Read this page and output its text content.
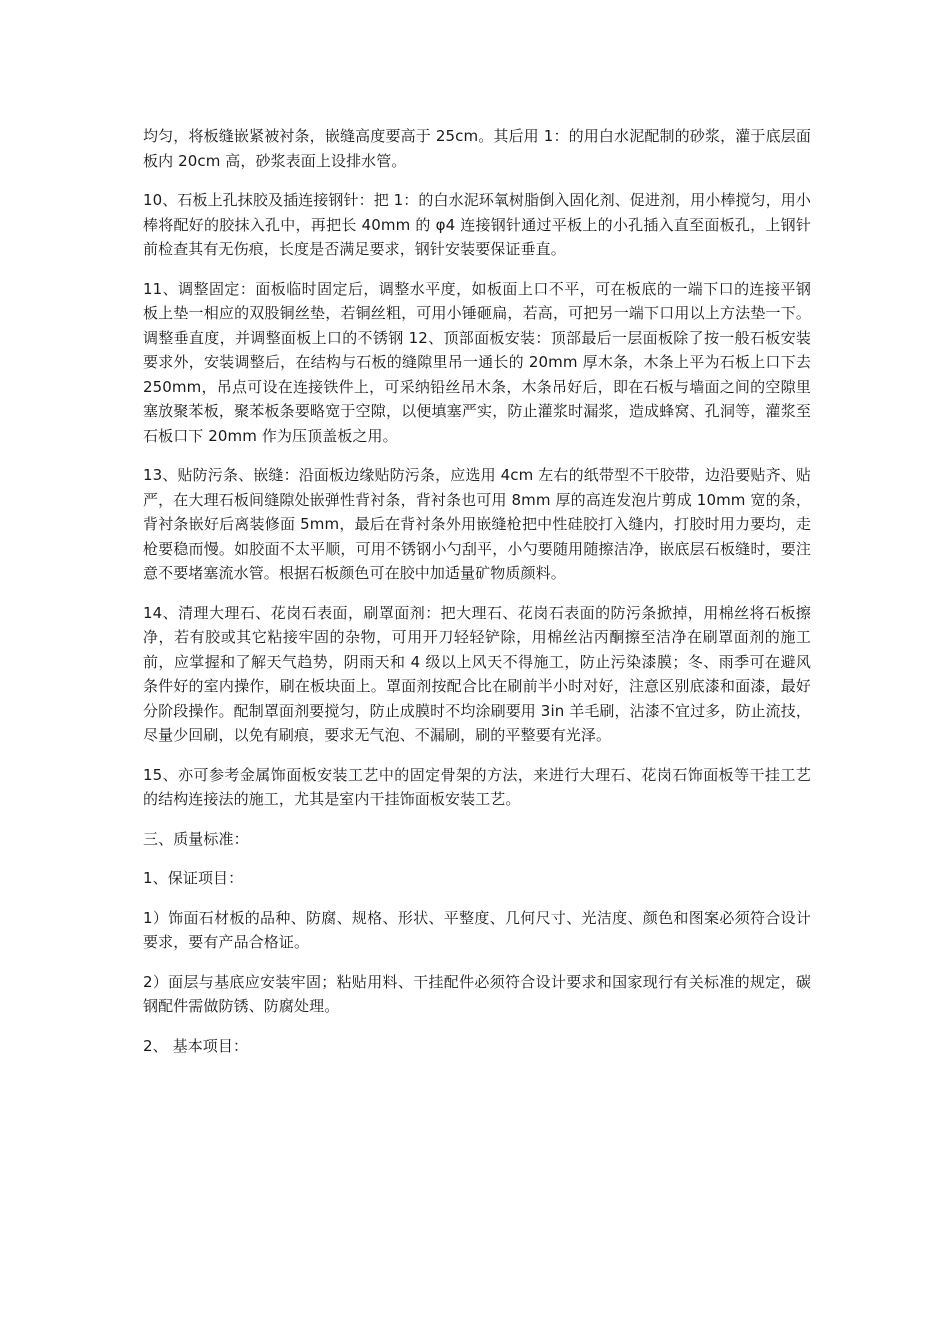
均匀，将板缝嵌紧被衬条，嵌缝高度要高于 25cm。其后用 1：的用白水泥配制的砂浆，灌于底层面板内 20cm 高，砂浆表面上设排水管。

10、石板上孔抹胶及插连接钢针：把 1：的白水泥环氧树脂倒入固化剂、促进剂，用小棒搅匀，用小棒将配好的胶抹入孔中，再把长 40mm 的 φ4 连接钢针通过平板上的小孔插入直至面板孔，上钢针前检查其有无伤痕，长度是否满足要求，钢针安装要保证垂直。

11、调整固定：面板临时固定后，调整水平度，如板面上口不平，可在板底的一端下口的连接平钢板上垫一相应的双股铜丝垫，若铜丝粗，可用小锤砸扁，若高，可把另一端下口用以上方法垫一下。调整垂直度，并调整面板上口的不锈钢 12、顶部面板安装：顶部最后一层面板除了按一般石板安装要求外，安装调整后，在结构与石板的缝隙里吊一通长的 20mm 厚木条，木条上平为石板上口下去 250mm，吊点可设在连接铁件上，可采纳铅丝吊木条，木条吊好后，即在石板与墙面之间的空隙里塞放聚苯板，聚苯板条要略宽于空隙，以便填塞严实，防止灌浆时漏浆，造成蜂窝、孔洞等，灌浆至石板口下 20mm 作为压顶盖板之用。

13、贴防污条、嵌缝：沿面板边缘贴防污条，应选用 4cm 左右的纸带型不干胶带，边沿要贴齐、贴严，在大理石板间缝隙处嵌弹性背衬条，背衬条也可用 8mm 厚的高连发泡片剪成 10mm 宽的条，背衬条嵌好后离装修面 5mm，最后在背衬条外用嵌缝枪把中性硅胶打入缝内，打胶时用力要均，走枪要稳而慢。如胶面不太平顺，可用不锈钢小勺刮平，小勺要随用随擦洁净，嵌底层石板缝时，要注意不要堵塞流水管。根据石板颜色可在胶中加适量矿物质颜料。

14、清理大理石、花岗石表面，刷罩面剂：把大理石、花岗石表面的防污条掀掉，用棉丝将石板擦净，若有胶或其它粘接牢固的杂物，可用开刀轻轻铲除，用棉丝沾丙酮擦至洁净在刷罩面剂的施工前，应掌握和了解天气趋势，阴雨天和 4 级以上风天不得施工，防止污染漆膜；冬、雨季可在避风条件好的室内操作，刷在板块面上。罩面剂按配合比在刷前半小时对好，注意区别底漆和面漆，最好分阶段操作。配制罩面剂要搅匀，防止成膜时不均涂刷要用 3in 羊毛刷，沾漆不宜过多，防止流技，尽量少回刷，以免有刷痕，要求无气泡、不漏刷，刷的平整要有光泽。

15、亦可参考金属饰面板安装工艺中的固定骨架的方法，来进行大理石、花岗石饰面板等干挂工艺的结构连接法的施工，尤其是室内干挂饰面板安装工艺。

三、质量标准：

1、保证项目：

1）饰面石材板的品种、防腐、规格、形状、平整度、几何尺寸、光洁度、颜色和图案必须符合设计要求，要有产品合格证。

2）面层与基底应安装牢固；粘贴用料、干挂配件必须符合设计要求和国家现行有关标准的规定，碳钢配件需做防锈、防腐处理。

2、 基本项目：
